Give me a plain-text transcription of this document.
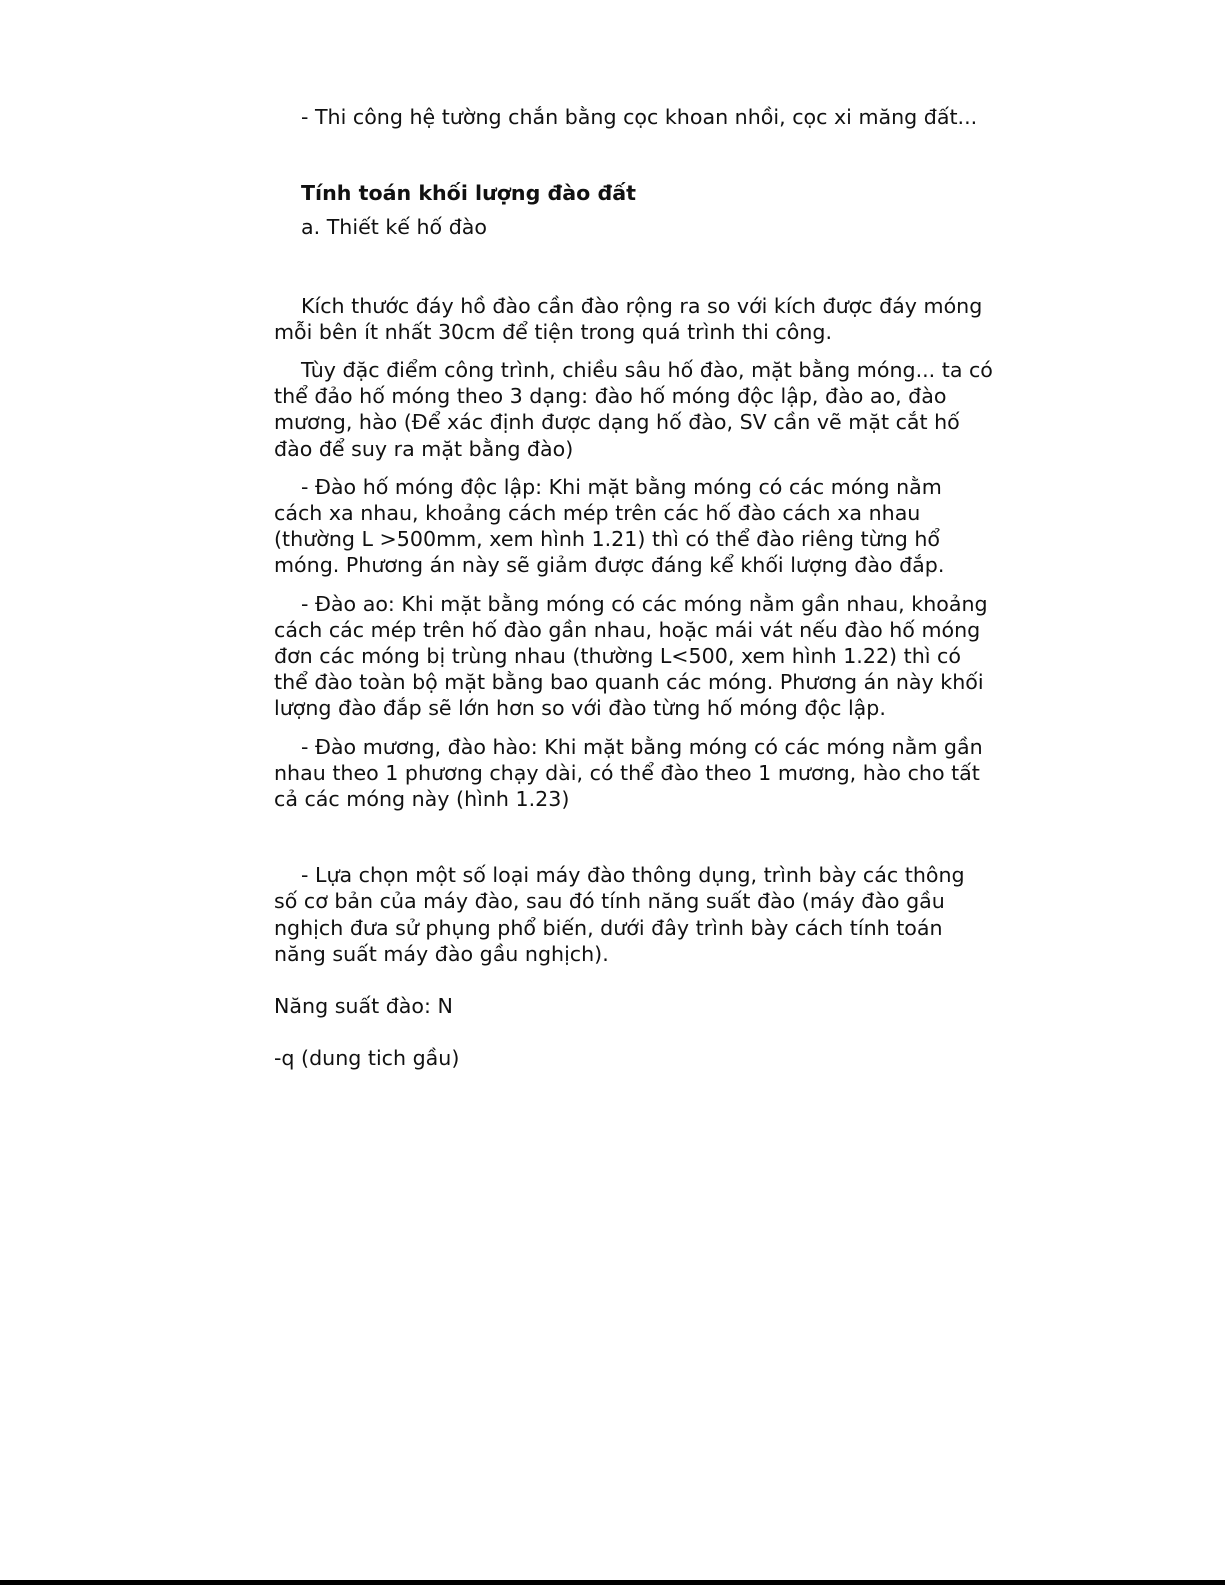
- Thi công hệ tường chắn bằng cọc khoan nhồi, cọc xi măng đất...

Tính toán khối lượng đào đất

a. Thiết kế hố đào

Kích thước đáy hồ đào cần đào rộng ra so với kích được đáy móng mỗi bên ít nhất 30cm để tiện trong quá trình thi công.

Tùy đặc điểm công trình, chiều sâu hố đào, mặt bằng móng... ta có thể đảo hố móng theo 3 dạng: đào hố móng độc lập, đào ao, đào mương, hào (Để xác định được dạng hố đào, SV cần vẽ mặt cắt hố đào để suy ra mặt bằng đào)

- Đào hố móng độc lập: Khi mặt bằng móng có các móng nằm cách xa nhau, khoảng cách mép trên các hố đào cách xa nhau (thường L >500mm, xem hình 1.21) thì có thể đào riêng từng hổ móng. Phương án này sẽ giảm được đáng kể khối lượng đào đắp.

- Đào ao: Khi mặt bằng móng có các móng nằm gần nhau, khoảng cách các mép trên hố đào gần nhau, hoặc mái vát nếu đào hố móng đơn các móng bị trùng nhau (thường L<500, xem hình 1.22) thì có thể đào toàn bộ mặt bằng bao quanh các móng. Phương án này khối lượng đào đắp sẽ lớn hơn so với đào từng hố móng độc lập.

- Đào mương, đào hào: Khi mặt bằng móng có các móng nằm gần nhau theo 1 phương chạy dài, có thể đào theo 1 mương, hào cho tất cả các móng này (hình 1.23)

- Lựa chọn một số loại máy đào thông dụng, trình bày các thông số cơ bản của máy đào, sau đó tính năng suất đào (máy đào gầu nghịch đưa sử phụng phổ biến, dưới đây trình bày cách tính toán năng suất máy đào gầu nghịch).

Năng suất đào: N

-q (dung tich gầu)
